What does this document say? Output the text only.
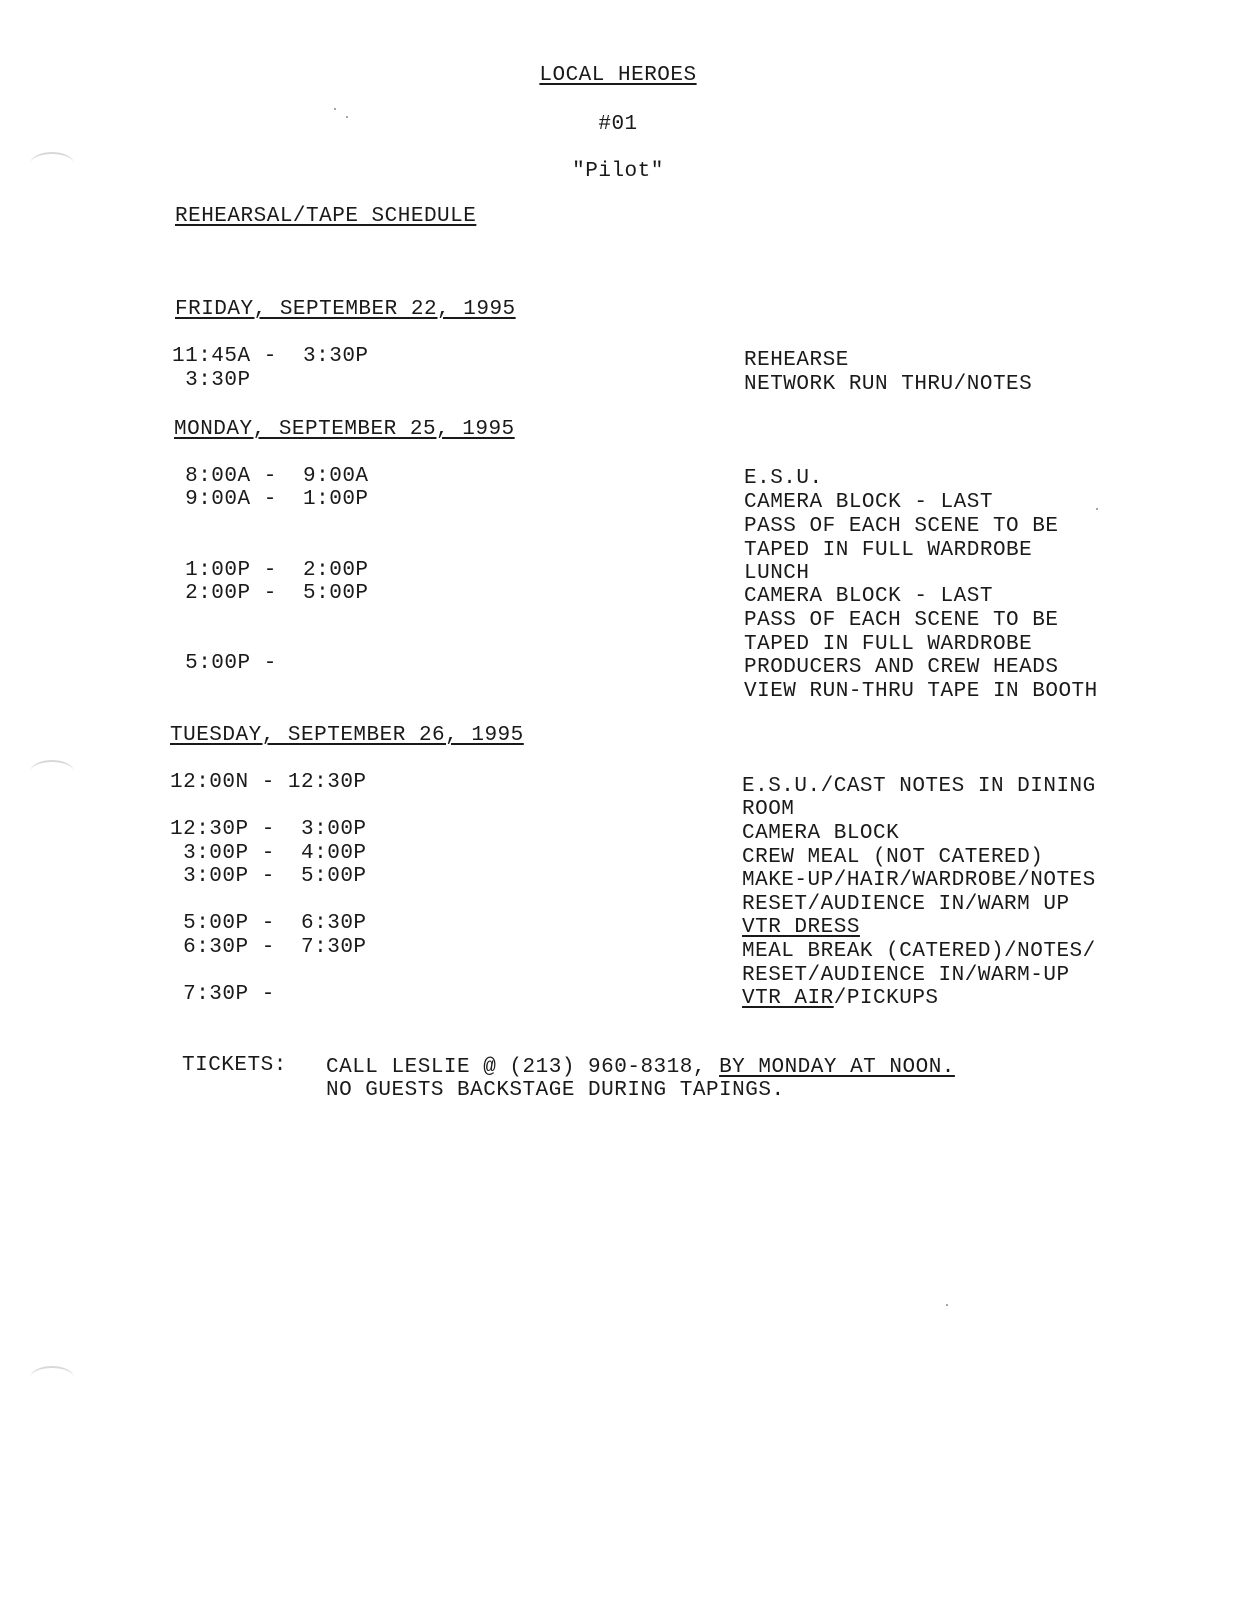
LOCAL HEROES
#01
"Pilot"
REHEARSAL/TAPE SCHEDULE
FRIDAY, SEPTEMBER 22, 1995
11:45A -  3:30P	REHEARSE
3:30P	NETWORK RUN THRU/NOTES
MONDAY, SEPTEMBER 25, 1995
8:00A -  9:00A	E.S.U.
9:00A -  1:00P	CAMERA BLOCK - LAST
PASS OF EACH SCENE TO BE
TAPED IN FULL WARDROBE
1:00P -  2:00P	LUNCH
2:00P -  5:00P	CAMERA BLOCK - LAST
PASS OF EACH SCENE TO BE
TAPED IN FULL WARDROBE
5:00P -	PRODUCERS AND CREW HEADS
VIEW RUN-THRU TAPE IN BOOTH
TUESDAY, SEPTEMBER 26, 1995
12:00N - 12:30P	E.S.U./CAST NOTES IN DINING
ROOM
12:30P -  3:00P	CAMERA BLOCK
3:00P -  4:00P	CREW MEAL (NOT CATERED)
3:00P -  5:00P	MAKE-UP/HAIR/WARDROBE/NOTES
RESET/AUDIENCE IN/WARM UP
5:00P -  6:30P	VTR DRESS
6:30P -  7:30P	MEAL BREAK (CATERED)/NOTES/
RESET/AUDIENCE IN/WARM-UP
7:30P -	VTR AIR/PICKUPS
TICKETS: CALL LESLIE @ (213) 960-8318, BY MONDAY AT NOON.
NO GUESTS BACKSTAGE DURING TAPINGS.
